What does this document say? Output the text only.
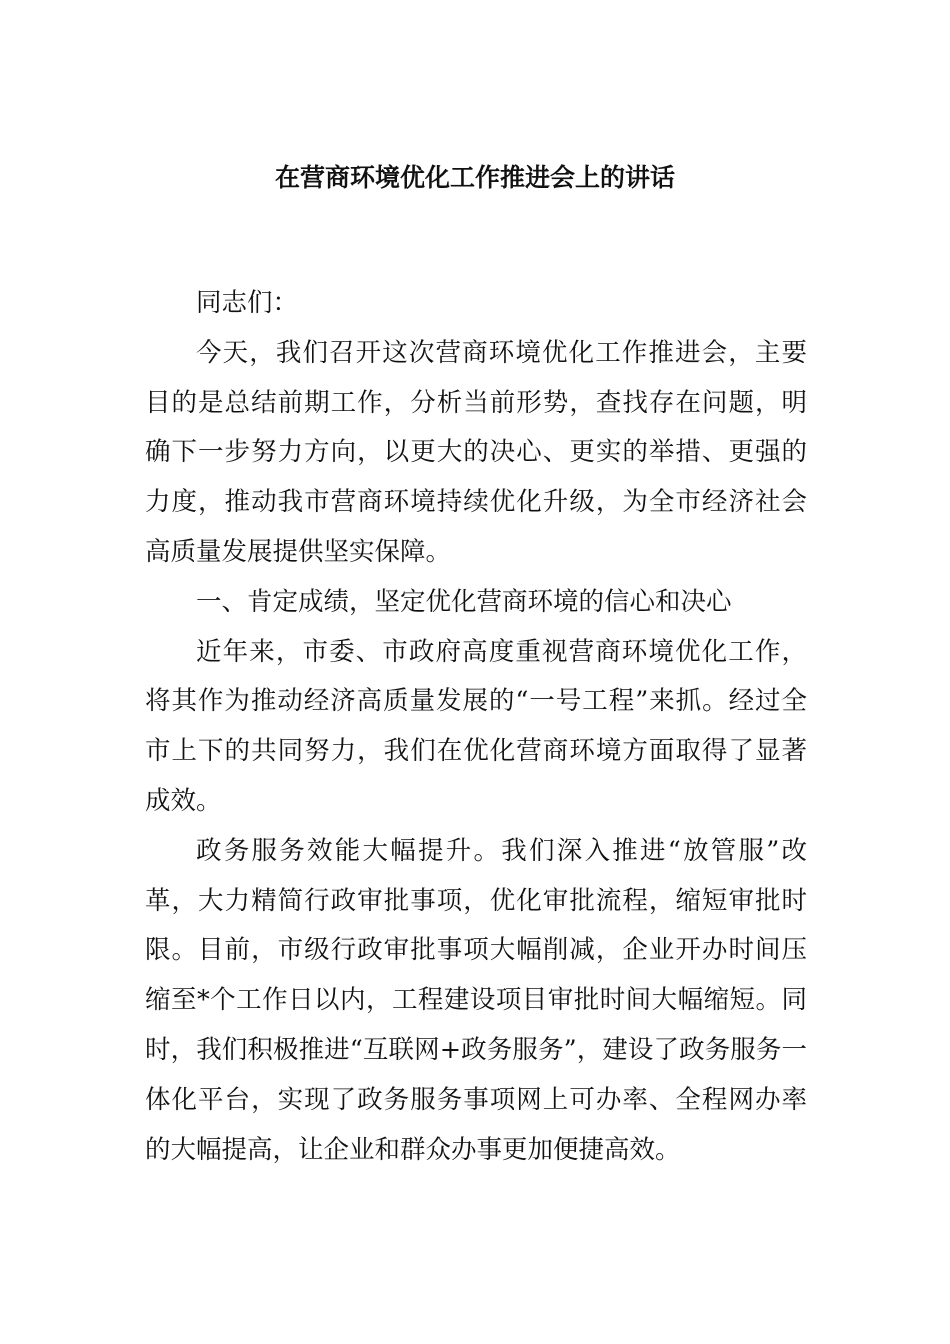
在营商环境优化工作推进会上的讲话

同志们：

今天，我们召开这次营商环境优化工作推进会，主要目的是总结前期工作，分析当前形势，查找存在问题，明确下一步努力方向，以更大的决心、更实的举措、更强的力度，推动我市营商环境持续优化升级，为全市经济社会高质量发展提供坚实保障。

一、肯定成绩，坚定优化营商环境的信心和决心

近年来，市委、市政府高度重视营商环境优化工作，将其作为推动经济高质量发展的“一号工程”来抓。经过全市上下的共同努力，我们在优化营商环境方面取得了显著成效。

政务服务效能大幅提升。我们深入推进“放管服”改革，大力精简行政审批事项，优化审批流程，缩短审批时限。目前，市级行政审批事项大幅削减，企业开办时间压缩至*个工作日以内，工程建设项目审批时间大幅缩短。同时，我们积极推进“互联网+政务服务”，建设了政务服务一体化平台，实现了政务服务事项网上可办率、全程网办率的大幅提高，让企业和群众办事更加便捷高效。
